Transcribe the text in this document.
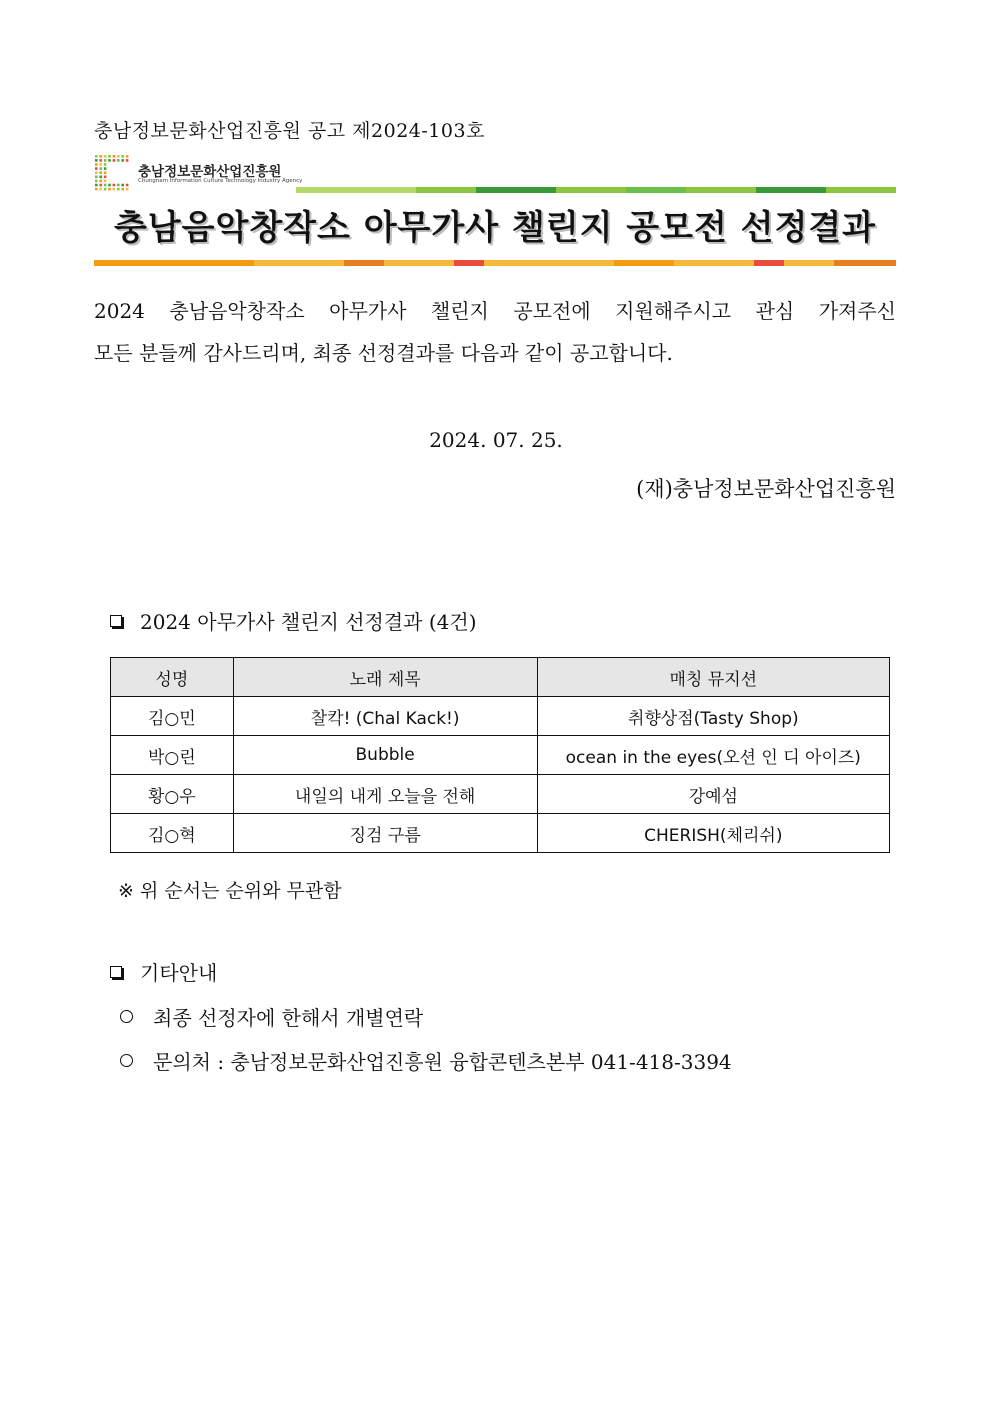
충남정보문화산업진흥원 공고 제2024-103호
충남정보문화산업진흥원
Chungnam Information Culture Technology Industry Agency
충남음악창작소 아무가사 챌린지 공모전 선정결과
2024 충남음악창작소 아무가사 챌린지 공모전에 지원해주시고 관심 가져주신
모든 분들께 감사드리며, 최종 선정결과를 다음과 같이 공고합니다.
2024. 07. 25.
(재)충남정보문화산업진흥원
2024 아무가사 챌린지 선정결과 (4건)
성명	노래 제목	매칭 뮤지션
김○민	찰칵! (Chal Kack!)	취향상점(Tasty Shop)
박○린	Bubble	ocean in the eyes(오션 인 디 아이즈)
황○우	내일의 내게 오늘을 전해	강예섬
김○혁	징검 구름	CHERISH(체리쉬)
※ 위 순서는 순위와 무관함
기타안내
최종 선정자에 한해서 개별연락
문의처 : 충남정보문화산업진흥원 융합콘텐츠본부 041-418-3394
